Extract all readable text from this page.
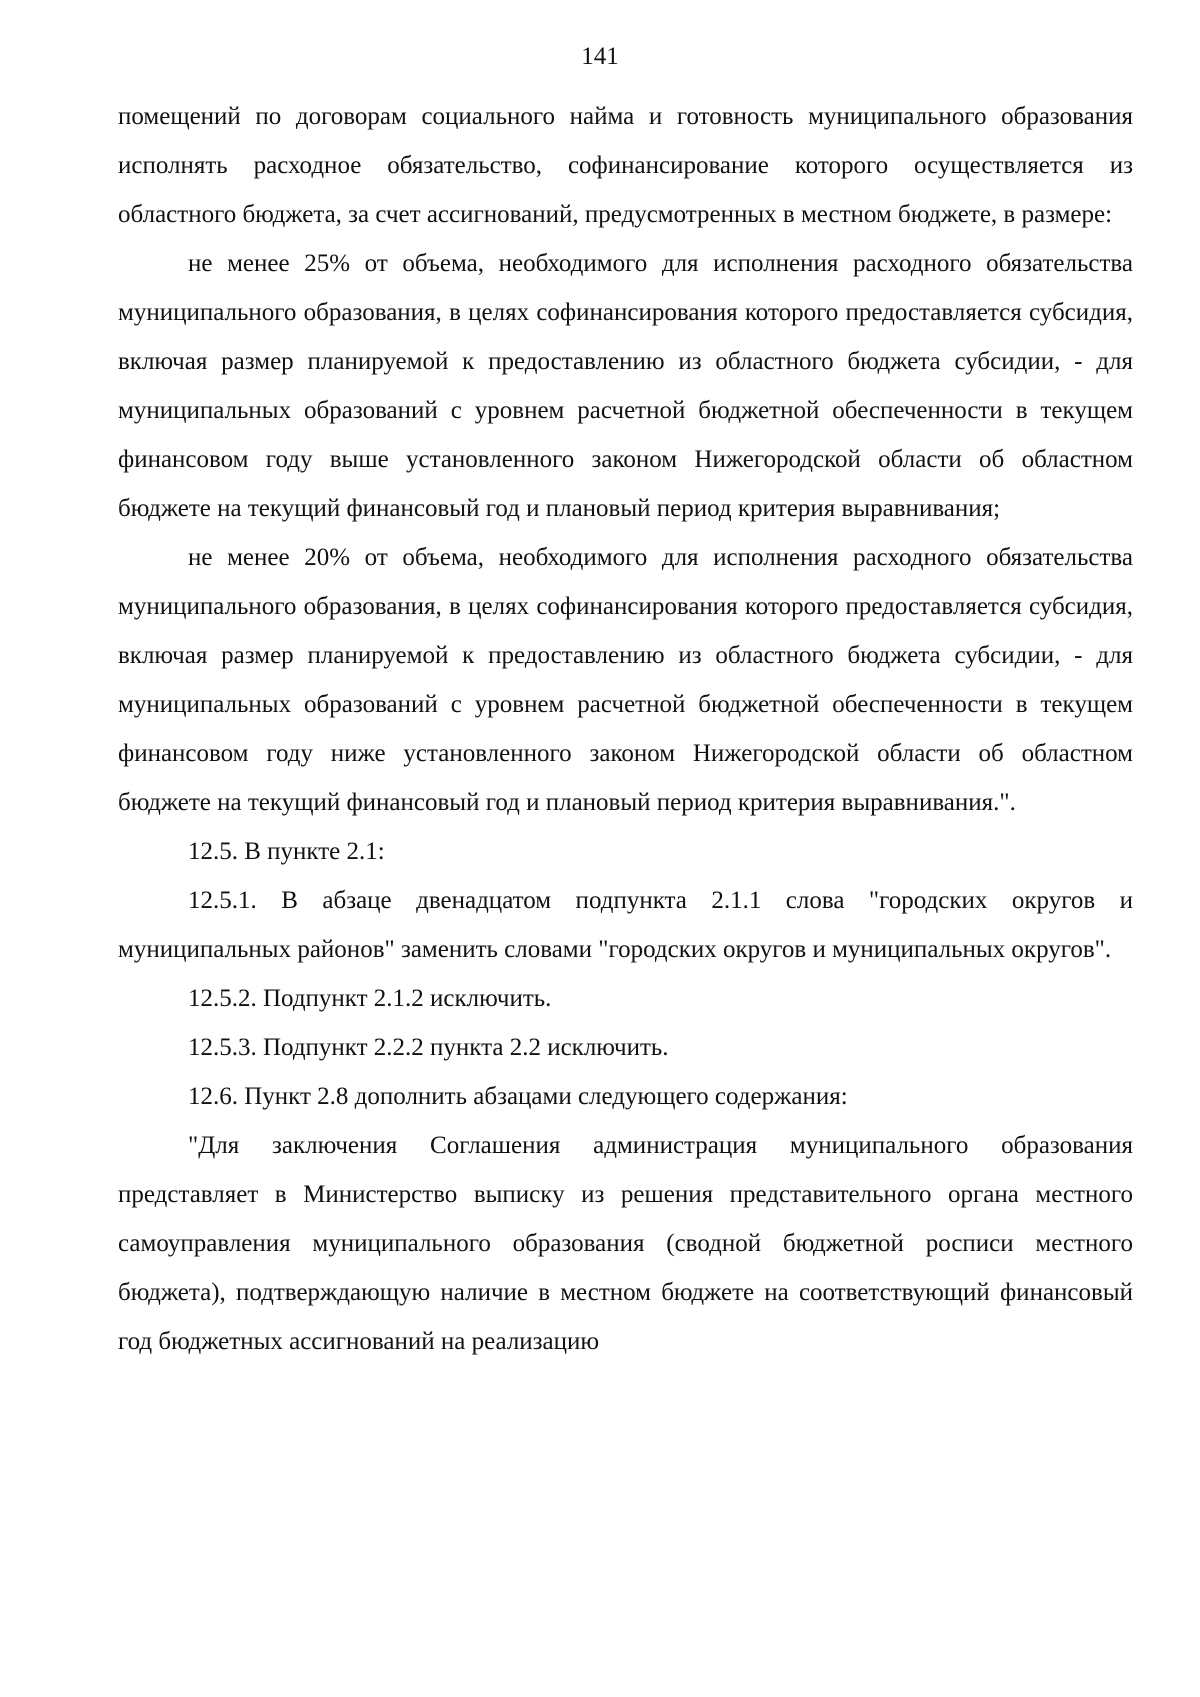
141

помещений по договорам социального найма и готовность муниципального образования исполнять расходное обязательство, софинансирование которого осуществляется из областного бюджета, за счет ассигнований, предусмотренных в местном бюджете, в размере:

не менее 25% от объема, необходимого для исполнения расходного обязательства муниципального образования, в целях софинансирования которого предоставляется субсидия, включая размер планируемой к предоставлению из областного бюджета субсидии, - для муниципальных образований с уровнем расчетной бюджетной обеспеченности в текущем финансовом году выше установленного законом Нижегородской области об областном бюджете на текущий финансовый год и плановый период критерия выравнивания;

не менее 20% от объема, необходимого для исполнения расходного обязательства муниципального образования, в целях софинансирования которого предоставляется субсидия, включая размер планируемой к предоставлению из областного бюджета субсидии, - для муниципальных образований с уровнем расчетной бюджетной обеспеченности в текущем финансовом году ниже установленного законом Нижегородской области об областном бюджете на текущий финансовый год и плановый период критерия выравнивания.".

12.5. В пункте 2.1:

12.5.1. В абзаце двенадцатом подпункта 2.1.1 слова "городских округов и муниципальных районов" заменить словами "городских округов и муниципальных округов".

12.5.2. Подпункт 2.1.2 исключить.

12.5.3. Подпункт 2.2.2 пункта 2.2 исключить.

12.6. Пункт 2.8 дополнить абзацами следующего содержания:

"Для заключения Соглашения администрация муниципального образования представляет в Министерство выписку из решения представительного органа местного самоуправления муниципального образования (сводной бюджетной росписи местного бюджета), подтверждающую наличие в местном бюджете на соответствующий финансовый год бюджетных ассигнований на реализацию
